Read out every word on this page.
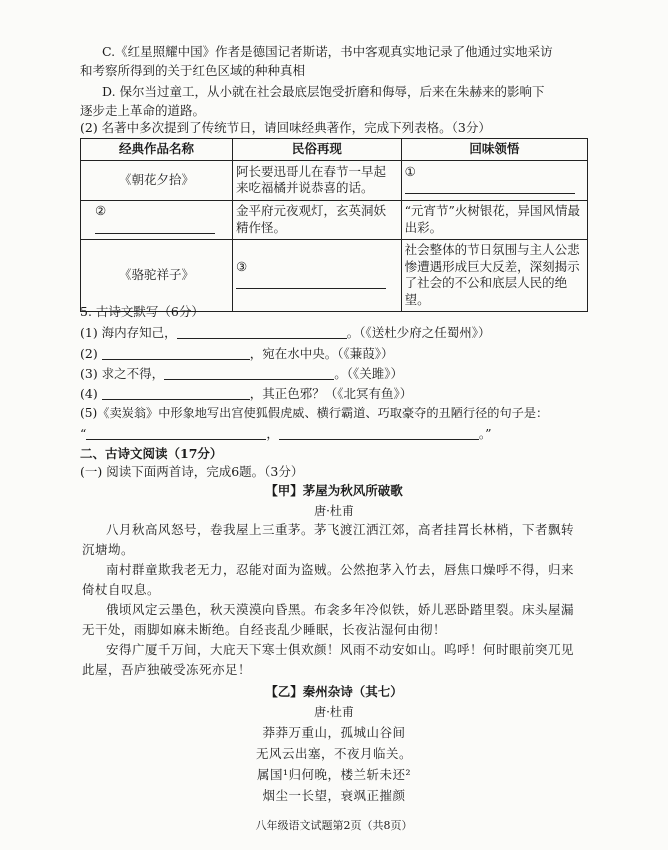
C.《红星照耀中国》作者是德国记者斯诺，书中客观真实地记录了他通过实地采访
和考察所得到的关于红色区域的种种真相
D. 保尔当过童工，从小就在社会最底层饱受折磨和侮辱，后来在朱赫来的影响下
逐步走上革命的道路。
(2) 名著中多次提到了传统节日，请回味经典著作，完成下列表格。（3分）
经典作品名称	民俗再现	回味领悟
《朝花夕拾》	阿长要迅哥儿在春节一早起来吃福橘并说恭喜的话。	①

②	金平府元夜观灯，玄英洞妖精作怪。	“元宵节”火树银花，异国风情最出彩。
《骆驼祥子》	③	社会整体的节日氛围与主人公悲惨遭遇形成巨大反差，深刻揭示了社会的不公和底层人民的绝望。
5. 古诗文默写（6分）
(1) 海内存知己，	。（《送杜少府之任蜀州》）
(2)	，宛在水中央。（《蒹葭》）
(3) 求之不得，	。（《关雎》）
(4)	，其正色邪？（《北冥有鱼》）
(5)《卖炭翁》中形象地写出宫使狐假虎威、横行霸道、巧取豪夺的丑陋行径的句子是：
“	，	。”
二、古诗文阅读（17分）
(一) 阅读下面两首诗，完成6题。（3分）
【甲】茅屋为秋风所破歌
唐·杜甫
八月秋高风怒号，卷我屋上三重茅。茅飞渡江洒江郊，高者挂罥长林梢，下者飘转
沉塘坳。
南村群童欺我老无力，忍能对面为盗贼。公然抱茅入竹去，唇焦口燥呼不得，归来
倚杖自叹息。
俄顷风定云墨色，秋天漠漠向昏黑。布衾多年冷似铁，娇儿恶卧踏里裂。床头屋漏
无干处，雨脚如麻未断绝。自经丧乱少睡眠，长夜沾湿何由彻！
安得广厦千万间，大庇天下寒士俱欢颜！风雨不动安如山。呜呼！何时眼前突兀见
此屋，吾庐独破受冻死亦足！
【乙】秦州杂诗（其七）
唐·杜甫
莽莽万重山，孤城山谷间
无风云出塞，不夜月临关。
属国¹归何晚，楼兰斩未还²
烟尘一长望，衰飒正摧颜
八年级语文试题第2页（共8页）
